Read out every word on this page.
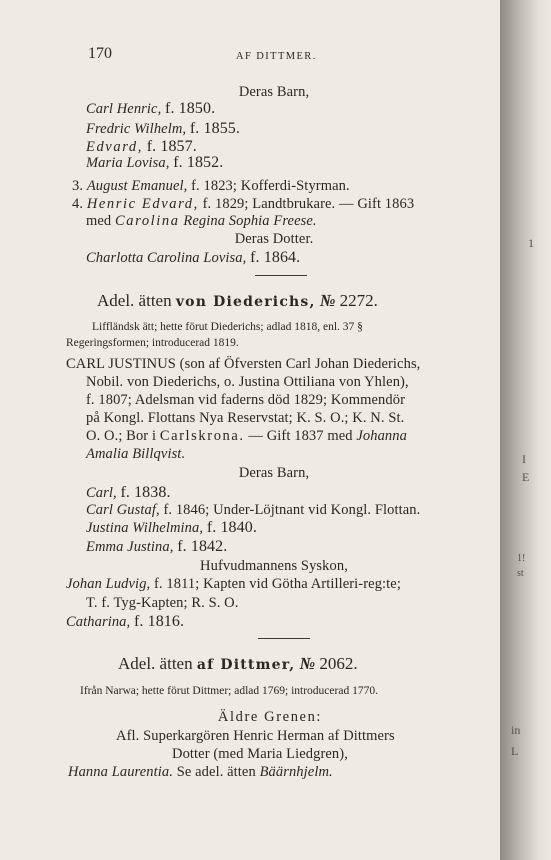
170	AF DITTMER.
Deras Barn,
Carl Henric, f. 1850.
Fredric Wilhelm, f. 1855.
Edvard, f. 1857.
Maria Lovisa, f. 1852.
3. August Emanuel, f. 1823; Kofferdi-Styrman.
4. Henric Edvard, f. 1829; Landtbrukare. — Gift 1863
med Carolina Regina Sophia Freese.
Deras Dotter.
Charlotta Carolina Lovisa, f. 1864.
Adel. ätten von Diederichs, № 2272.
Liffländsk ätt; hette förut Diederichs; adlad 1818, enl. 37 §
Regeringsformen; introducerad 1819.
CARL JUSTINUS (son af Öfversten Carl Johan Diederichs,
Nobil. von Diederichs, o. Justina Ottiliana von Yhlen),
f. 1807; Adelsman vid faderns död 1829; Kommendör
på Kongl. Flottans Nya Reservstat; K. S. O.; K. N. St.
O. O.; Bor i Carlskrona. — Gift 1837 med Johanna
Amalia Billqvist.
Deras Barn,
Carl, f. 1838.
Carl Gustaf, f. 1846; Under-Löjtnant vid Kongl. Flottan.
Justina Wilhelmina, f. 1840.
Emma Justina, f. 1842.
Hufvudmannens Syskon,
Johan Ludvig, f. 1811; Kapten vid Götha Artilleri-reg:te;
T. f. Tyg-Kapten; R. S. O.
Catharina, f. 1816.
Adel. ätten af Dittmer, № 2062.
Ifrån Narwa; hette förut Dittmer; adlad 1769; introducerad 1770.
Äldre Grenen:
Afl. Superkargören Henric Herman af Dittmers
Dotter (med Maria Liedgren),
Hanna Laurentia. Se adel. ätten Bäärnhjelm.
1
I
E
1!
st
in
L
